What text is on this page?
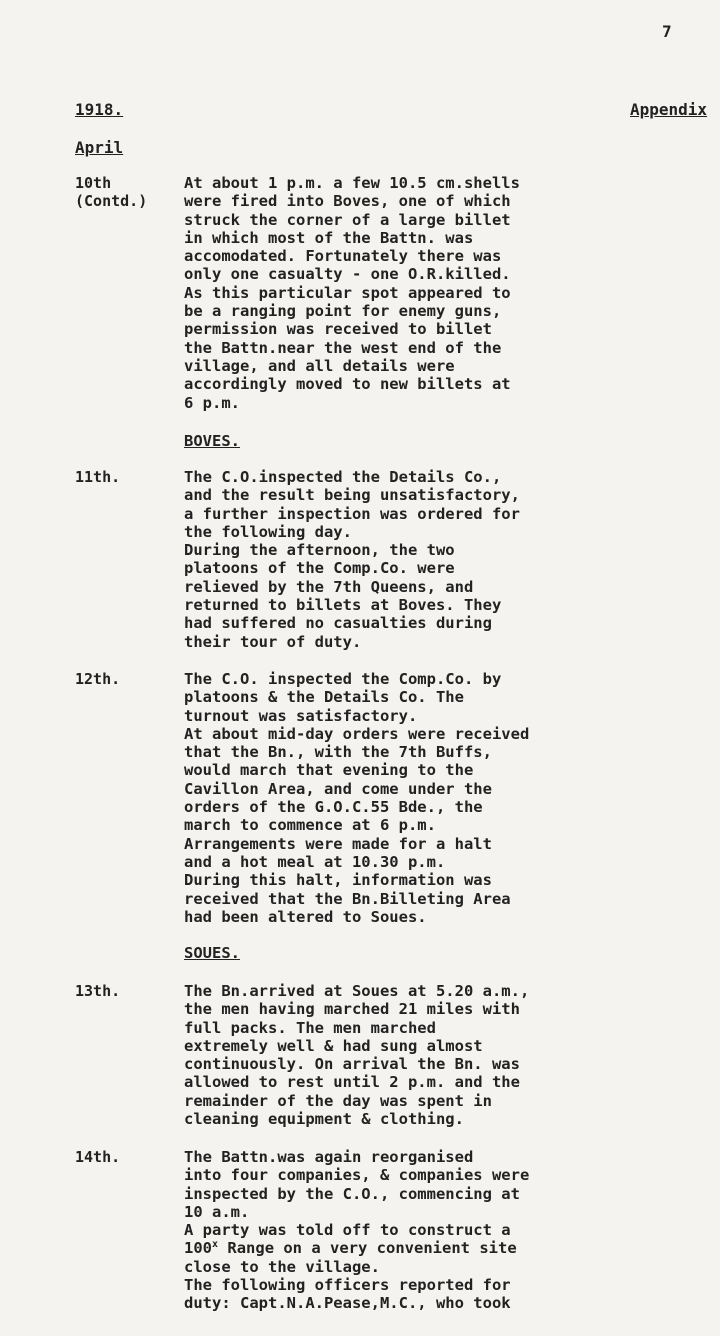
7
1918.	Appendix
April
10th
(Contd.)
At about 1 p.m. a few 10.5 cm.shells
were fired into Boves, one of which
struck the corner of a large billet
in which most of the Battn. was
accomodated. Fortunately there was
only one casualty - one O.R.killed.
As this particular spot appeared to
be a ranging point for enemy guns,
permission was received to billet
the Battn.near the west end of the
village, and all details were
accordingly moved to new billets at
6 p.m.
BOVES.
11th.	The C.O.inspected the Details Co.,
and the result being unsatisfactory,
a further inspection was ordered for
the following day.
During the afternoon, the two
platoons of the Comp.Co. were
relieved by the 7th Queens, and
returned to billets at Boves. They
had suffered no casualties during
their tour of duty.
12th.	The C.O. inspected the Comp.Co. by
platoons & the Details Co. The
turnout was satisfactory.
At about mid-day orders were received
that the Bn., with the 7th Buffs,
would march that evening to the
Cavillon Area, and come under the
orders of the G.O.C.55 Bde., the
march to commence at 6 p.m.
Arrangements were made for a halt
and a hot meal at 10.30 p.m.
During this halt, information was
received that the Bn.Billeting Area
had been altered to Soues.
SOUES.
13th.	The Bn.arrived at Soues at 5.20 a.m.,
the men having marched 21 miles with
full packs. The men marched
extremely well & had sung almost
continuously. On arrival the Bn. was
allowed to rest until 2 p.m. and the
remainder of the day was spent in
cleaning equipment & clothing.
14th.	The Battn.was again reorganised
into four companies, & companies were
inspected by the C.O., commencing at
10 a.m.
A party was told off to construct a
100$^x$ Range on a very convenient site
close to the village.
The following officers reported for
duty: Capt.N.A.Pease,M.C., who took
